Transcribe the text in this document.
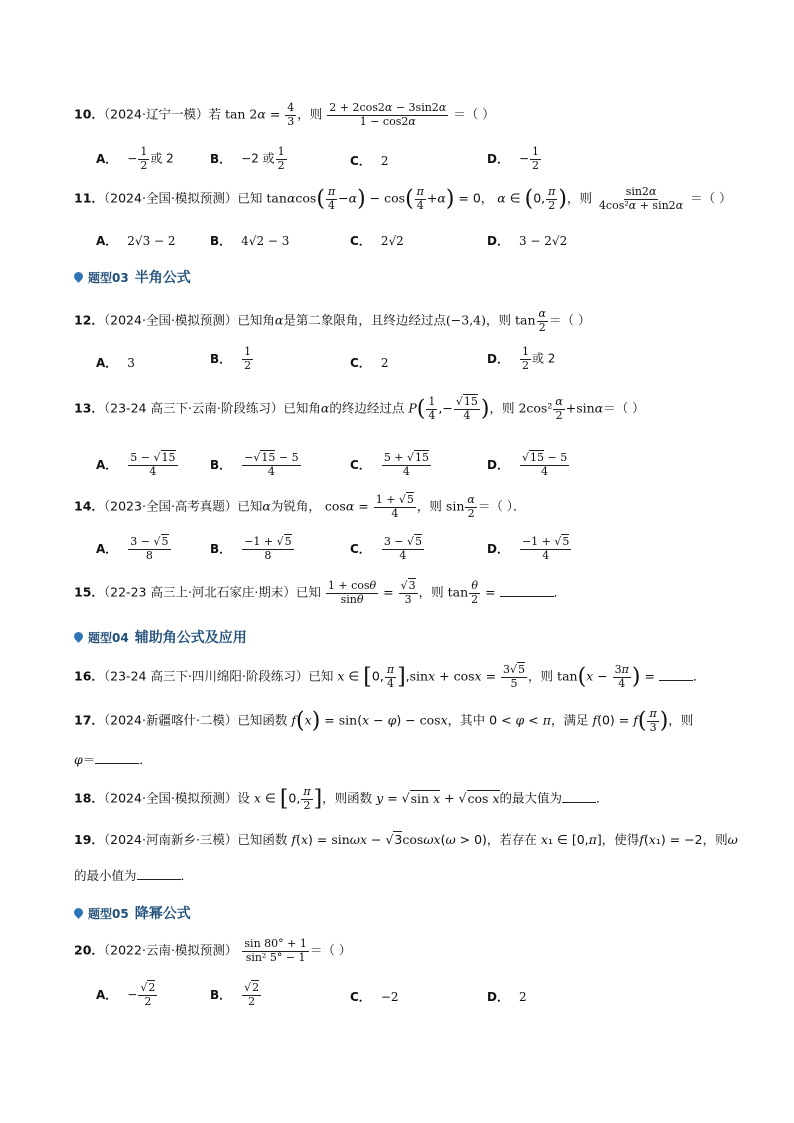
10．（2024·辽宁一模）若 $\tan 2\alpha = \frac{4}{3}$ ，则 $\frac{2 + 2\cos 2\alpha - 3\sin 2\alpha}{1 - \cos 2\alpha}$ ＝（ ）
A． − $\frac{1}{2}$ 或 2	B． −2 或 $\frac{1}{2}$	C． 2	D． − $\frac{1}{2}$
11．（2024·全国·模拟预测）已知 $\tan\alpha\cos( \frac{\pi}{4} -\alpha) - \cos( \frac{\pi}{4} +\alpha) = 0$， α ∈ (0, $\frac{\pi}{2}$ )，则 $\frac{\sin 2\alpha}{\text{4cos²α + sin2α}}$ ＝（ ）
A． 2√3 − 2	B． 4√2 − 3	C． 2√2	D． 3 − 2√2
题型03 半角公式
12．（2024·全国·模拟预测）已知角α是第二象限角，且终边经过点(−3,4)，则 $\tan \frac{\alpha}{2}$ ＝（ ）
A． 3	B． $\frac{1}{2}$	C． 2	D． $\frac{1}{2}$ 或 2
13．（23-24 高三下·云南·阶段练习）已知角α的终边经过点 $P( \frac{1}{4}$ ,− $\frac{√15}{4}$ )，则 $2\cos^2 \frac{\alpha}{2} +\sin\alpha=$（ ）
A． $\frac{5 - √15}{4}$	B． $\frac{-√15 - 5}{4}$	C． $\frac{5 + √15}{4}$	D． $\frac{√15 - 5}{4}$
14．（2023·全国·高考真题）已知α为锐角， $\cos\alpha = \frac{1 + √5}{4}$ ，则 $\sin \frac{\alpha}{2}$ ＝（ ）．
A． $\frac{3 - √5}{8}$	B． $\frac{-1 + √5}{8}$	C． $\frac{3 - √5}{4}$	D． $\frac{-1 + √5}{4}$
15．（22-23 高三上·河北石家庄·期末）已知 $\frac{1 + \cos\theta}{\sin\theta} = \frac{√3}{3}$ ，则 $\tan \frac{\theta}{2}$ =	．
题型04 辅助角公式及应用
16．（23-24 高三下·四川绵阳·阶段练习）已知 x ∈ [0, $\frac{\pi}{4} ],\sin x + \cos x = \frac{3√5}{5}$ ，则 $\tan(x - \frac{3\pi}{4}$ ) =	．
17．（2024·新疆喀什·二模）已知函数 f(x) = sin(x − φ) − cosx，其中 0 < φ < π，满足 $f(0) = f( \frac{\pi}{3}$ )，则
φ＝	．
18．（2024·全国·模拟预测）设 x ∈ [0, $\frac{\pi}{2}$ ]，则函数 y = √sin x + √cos x的最大值为	．
19．（2024·河南新乡·三模）已知函数 f(x) = sinωx − √3cosωx(ω > 0)，若存在 x₁ ∈ [0,π]，使得f(x₁) = −2，则ω
的最小值为	．
题型05 降幂公式
20．（2022·云南·模拟预测） $\frac{\sin 80^\circ + 1}{\text{sin² 5° − 1}}$ ＝（ ）
A． − $\frac{√2}{2}$	B． $\frac{√2}{2}$	C． −2	D． 2
